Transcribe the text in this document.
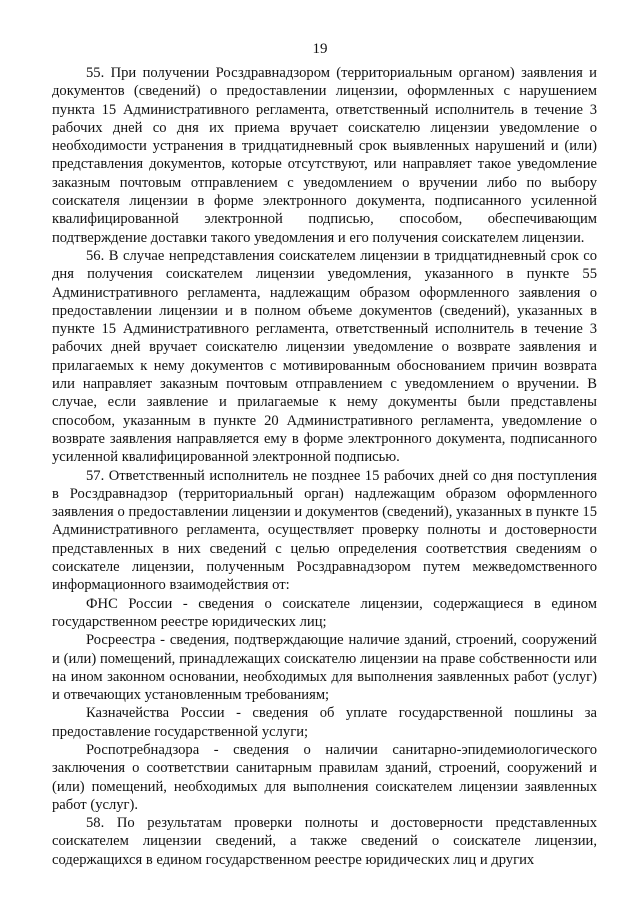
19

55. При получении Росздравнадзором (территориальным органом) заявления и документов (сведений) о предоставлении лицензии, оформленных с нарушением пункта 15 Административного регламента, ответственный исполнитель в течение 3 рабочих дней со дня их приема вручает соискателю лицензии уведомление о необходимости устранения в тридцатидневный срок выявленных нарушений и (или) представления документов, которые отсутствуют, или направляет такое уведомление заказным почтовым отправлением с уведомлением о вручении либо по выбору соискателя лицензии в форме электронного документа, подписанного усиленной квалифицированной электронной подписью, способом, обеспечивающим подтверждение доставки такого уведомления и его получения соискателем лицензии.

56. В случае непредставления соискателем лицензии в тридцатидневный срок со дня получения соискателем лицензии уведомления, указанного в пункте 55 Административного регламента, надлежащим образом оформленного заявления о предоставлении лицензии и в полном объеме документов (сведений), указанных в пункте 15 Административного регламента, ответственный исполнитель в течение 3 рабочих дней вручает соискателю лицензии уведомление о возврате заявления и прилагаемых к нему документов с мотивированным обоснованием причин возврата или направляет заказным почтовым отправлением с уведомлением о вручении. В случае, если заявление и прилагаемые к нему документы были представлены способом, указанным в пункте 20 Административного регламента, уведомление о возврате заявления направляется ему в форме электронного документа, подписанного усиленной квалифицированной электронной подписью.

57. Ответственный исполнитель не позднее 15 рабочих дней со дня поступления в Росздравнадзор (территориальный орган) надлежащим образом оформленного заявления о предоставлении лицензии и документов (сведений), указанных в пункте 15 Административного регламента, осуществляет проверку полноты и достоверности представленных в них сведений с целью определения соответствия сведениям о соискателе лицензии, полученным Росздравнадзором путем межведомственного информационного взаимодействия от:

ФНС России - сведения о соискателе лицензии, содержащиеся в едином государственном реестре юридических лиц;

Росреестра - сведения, подтверждающие наличие зданий, строений, сооружений и (или) помещений, принадлежащих соискателю лицензии на праве собственности или на ином законном основании, необходимых для выполнения заявленных работ (услуг) и отвечающих установленным требованиям;

Казначейства России - сведения об уплате государственной пошлины за предоставление государственной услуги;

Роспотребнадзора - сведения о наличии санитарно-эпидемиологического заключения о соответствии санитарным правилам зданий, строений, сооружений и (или) помещений, необходимых для выполнения соискателем лицензии заявленных работ (услуг).

58. По результатам проверки полноты и достоверности представленных соискателем лицензии сведений, а также сведений о соискателе лицензии, содержащихся в едином государственном реестре юридических лиц и других
